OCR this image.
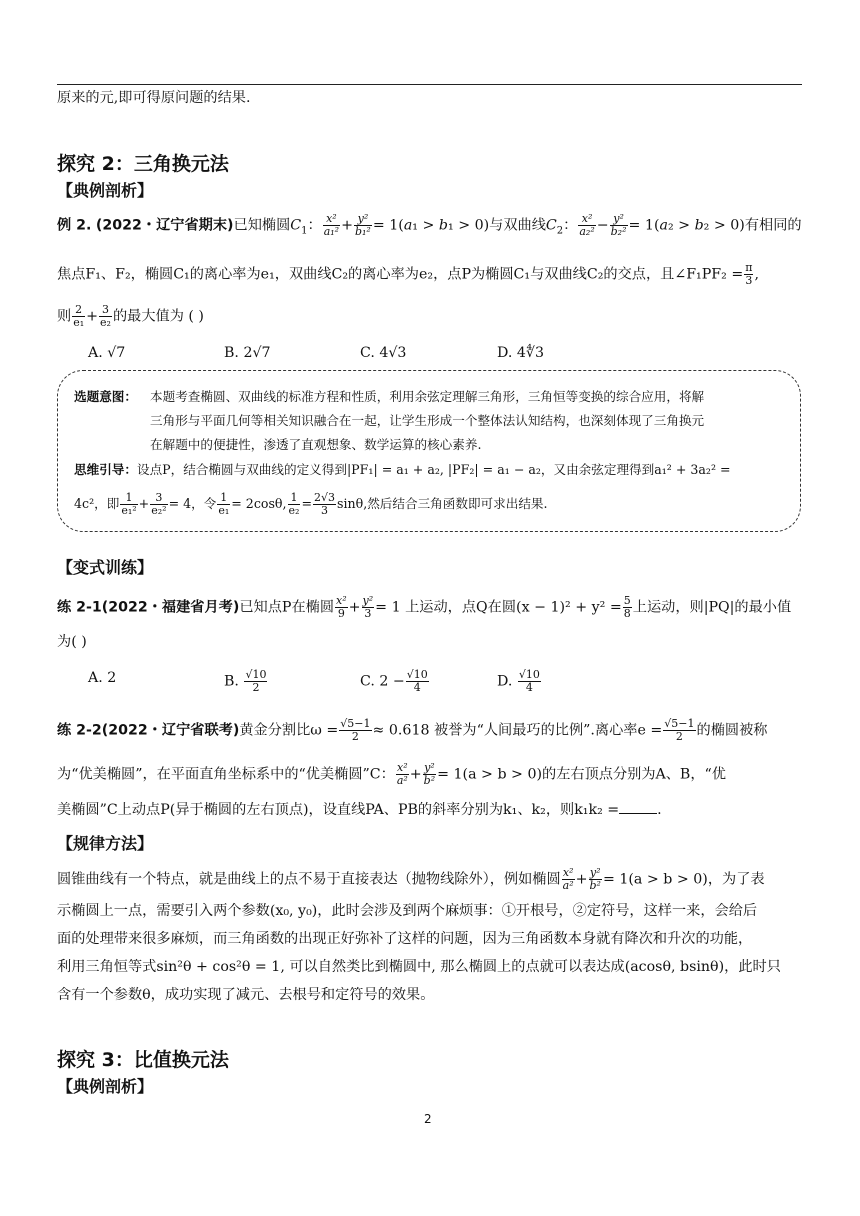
原来的元,即可得原问题的结果.
探究 2：三角换元法
【典例剖析】
例 2. (2022・辽宁省期末)已知椭圆$C_1$： $\frac{\text{x²}}{\text{a₁²}} + \frac{\text{y²}}{\text{b₁²}} = 1(a_1 > b_1 > 0)$与双曲线$C_2$： $\frac{\text{x²}}{\text{a₂²}} - \frac{\text{y²}}{\text{b₂²}} = 1(a_2 > b_2 > 0)$有相同的
焦点F₁、F₂，椭圆C₁的离心率为e₁，双曲线C₂的离心率为e₂，点P为椭圆C₁与双曲线C₂的交点，且∠F₁PF₂ = $\frac{\pi}{3}$ ,
则 $\frac{2}{\text{e₁}} + \frac{3}{\text{e₂}}$ 的最大值为 ( )
A. √7	B. 2√7	C. 4√3	D. 4∜3
选题意图： 本题考查椭圆、双曲线的标准方程和性质，利用余弦定理解三角形，三角恒等变换的综合应用，将解
三角形与平面几何等相关知识融合在一起，让学生形成一个整体法认知结构，也深刻体现了三角换元
在解题中的便捷性，渗透了直观想象、数学运算的核心素养.
思维引导：设点P，结合椭圆与双曲线的定义得到|PF₁| = a₁ + a₂, |PF₂| = a₁ − a₂，又由余弦定理得到a₁² + 3a₂² =
4c²，即 $\frac{1}{\text{e₁²}} + \frac{3}{\text{e₂²}} = 4$，令 $\frac{1}{\text{e₁}} = 2\cos\theta$, $\frac{1}{\text{e₂}} = \frac{2√3}{3} \sin\theta$,然后结合三角函数即可求出结果.
【变式训练】
练 2-1(2022・福建省月考)已知点P在椭圆 $\frac{\text{x²}}{9} + \frac{\text{y²}}{3} = 1$ 上运动，点Q在圆$(x - 1)^2 + y^2 = \frac{5}{8}$ 上运动，则|PQ|的最小值
为( )
A. 2	B. $\frac{√10}{2}$	C. $2 - \frac{√10}{4}$	D. $\frac{√10}{4}$
练 2-2(2022・辽宁省联考)黄金分割比$\omega = \frac{√5-1}{2} \approx 0.618$ 被誉为“人间最巧的比例”.离心率$e = \frac{√5-1}{2}$ 的椭圆被称
为“优美椭圆”，在平面直角坐标系中的“优美椭圆”C： $\frac{\text{x²}}{\text{a²}} + \frac{\text{y²}}{\text{b²}} = 1(a > b > 0)$的左右顶点分别为A、B，“优
美椭圆”C上动点P(异于椭圆的左右顶点)，设直线PA、PB的斜率分别为k₁、k₂，则k₁k₂ =	.
【规律方法】
圆锥曲线有一个特点，就是曲线上的点不易于直接表达（抛物线除外），例如椭圆 $\frac{\text{x²}}{\text{a²}} + \frac{\text{y²}}{\text{b²}} = 1(a > b > 0)$，为了表
示椭圆上一点，需要引入两个参数(x₀, y₀)，此时会涉及到两个麻烦事：①开根号，②定符号，这样一来，会给后
面的处理带来很多麻烦，而三角函数的出现正好弥补了这样的问题，因为三角函数本身就有降次和升次的功能，
利用三角恒等式sin²θ + cos²θ = 1, 可以自然类比到椭圆中, 那么椭圆上的点就可以表达成(acosθ, bsinθ)，此时只
含有一个参数θ，成功实现了减元、去根号和定符号的效果。
探究 3：比值换元法
【典例剖析】
2
